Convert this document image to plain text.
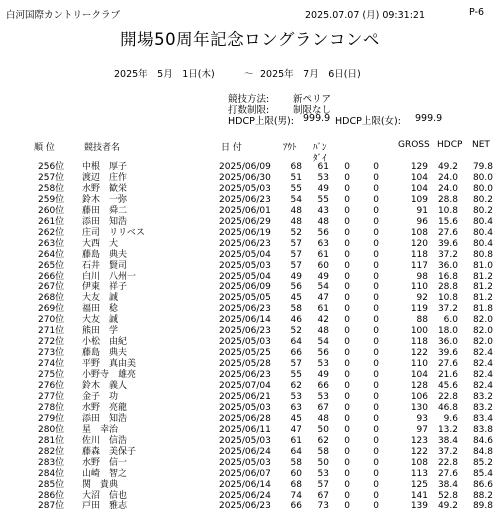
白河国際カントリークラブ	2025.07.07 (月) 09:31:21	P-6
開場50周年記念ロングランコンペ
2025年　5月　1日(木)	～ 2025年　7月　6日(日)
競技方法:	新ペリア
打数制限:	制限なし
HDCP上限(男): 999.9 HDCP上限(女): 999.9
順 位	競技者名	日 付	ｱｳﾄ ﾊﾞﾝ
ﾀﾞｲ
GROSS HDCP NET
256位	中根　厚子	2025/06/09	68	61	0	0	129	49.2	79.8
257位	渡辺　庄作	2025/06/30	51	53	0	0	104	24.0	80.0
258位	水野　歓栄	2025/05/03	55	49	0	0	104	24.0	80.0
259位	鈴木　一弥	2025/06/23	54	55	0	0	109	28.8	80.2
260位	藤田　舜二	2025/06/01	48	43	0	0	91	10.8	80.2
261位	添田　知浩	2025/06/29	48	48	0	0	96	15.6	80.4
262位	庄司　リリベス	2025/06/19	52	56	0	0	108	27.6	80.4
263位	大西　大	2025/06/23	57	63	0	0	120	39.6	80.4
264位	藤島　典夫	2025/05/04	57	61	0	0	118	37.2	80.8
265位	石井　賢司	2025/05/03	57	60	0	0	117	36.0	81.0
266位	白川　八州一	2025/05/04	49	49	0	0	98	16.8	81.2
267位	伊東　祥子	2025/06/09	56	54	0	0	110	28.8	81.2
268位	大友　誠	2025/05/05	45	47	0	0	92	10.8	81.2
269位	福田　稔	2025/06/23	58	61	0	0	119	37.2	81.8
270位	大友　誠	2025/06/14	46	42	0	0	88	6.0	82.0
271位	熊田　学	2025/06/23	52	48	0	0	100	18.0	82.0
272位	小松　由紀	2025/05/03	64	54	0	0	118	36.0	82.0
273位	藤島　典夫	2025/05/25	66	56	0	0	122	39.6	82.4
274位	平野　真由美	2025/05/28	57	53	0	0	110	27.6	82.4
275位	小野寺　雄亮	2025/06/23	55	49	0	0	104	21.6	82.4
276位	鈴木　義人	2025/07/04	62	66	0	0	128	45.6	82.4
277位	金子　功	2025/06/21	53	53	0	0	106	22.8	83.2
278位	水野　亮龍	2025/05/03	63	67	0	0	130	46.8	83.2
279位	添田　知浩	2025/06/28	45	48	0	0	93	9.6	83.4
280位	星　幸治	2025/06/11	47	50	0	0	97	13.2	83.8
281位	佐川　信浩	2025/05/03	61	62	0	0	123	38.4	84.6
282位	藤森　美保子	2025/06/24	64	58	0	0	122	37.2	84.8
283位	水野　信一	2025/05/03	58	50	0	0	108	22.8	85.2
284位	山崎　智之	2025/06/07	60	53	0	0	113	27.6	85.4
285位	関　貴典	2025/06/14	68	57	0	0	125	38.4	86.6
286位	大沼　信也	2025/06/24	74	67	0	0	141	52.8	88.2
287位	戸田　雅志	2025/06/23	66	73	0	0	139	49.2	89.8
